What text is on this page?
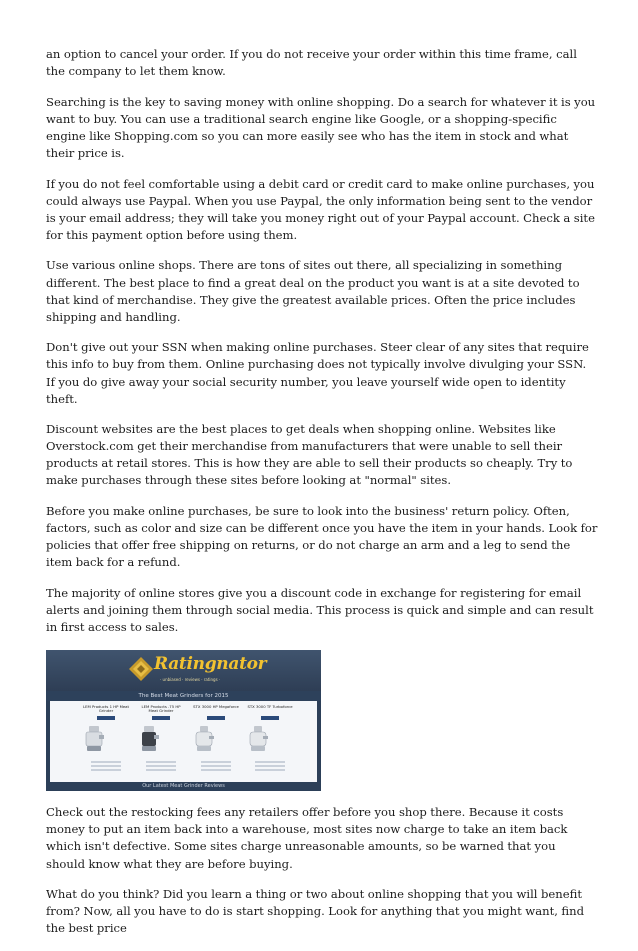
an option to cancel your order. If you do not receive your order within this time frame, call the company to let them know.

Searching is the key to saving money with online shopping. Do a search for whatever it is you want to buy. You can use a traditional search engine like Google, or a shopping-specific engine like Shopping.com so you can more easily see who has the item in stock and what their price is.

If you do not feel comfortable using a debit card or credit card to make online purchases, you could always use Paypal. When you use Paypal, the only information being sent to the vendor is your email address; they will take you money right out of your Paypal account. Check a site for this payment option before using them.

Use various online shops. There are tons of sites out there, all specializing in something different. The best place to find a great deal on the product you want is at a site devoted to that kind of merchandise. They give the greatest available prices. Often the price includes shipping and handling.

Don't give out your SSN when making online purchases. Steer clear of any sites that require this info to buy from them. Online purchasing does not typically involve divulging your SSN. If you do give away your social security number, you leave yourself wide open to identity theft.

Discount websites are the best places to get deals when shopping online. Websites like Overstock.com get their merchandise from manufacturers that were unable to sell their products at retail stores. This is how they are able to sell their products so cheaply. Try to make purchases through these sites before looking at "normal" sites.

Before you make online purchases, be sure to look into the business' return policy. Often, factors, such as color and size can be different once you have the item in your hands. Look for policies that offer free shipping on returns, or do not charge an arm and a leg to send the item back for a refund.

The majority of online stores give you a discount code in exchange for registering for email alerts and joining them through social media. This process is quick and simple and can result in first access to sales.

Ratingnator
· unbiased · reviews · ratings ·
The Best Meat Grinders for 2015
LEM Products 1 HP Meat Grinder
LEM Products .75 HP Meat Grinder
STX 3000 HP Megaforce STX 3000 TF Turboforce
Our Latest Meat Grinder Reviews

Check out the restocking fees any retailers offer before you shop there. Because it costs money to put an item back into a warehouse, most sites now charge to take an item back which isn't defective. Some sites charge unreasonable amounts, so be warned that you should know what they are before buying.

What do you think? Did you learn a thing or two about online shopping that you will benefit from? Now, all you have to do is start shopping. Look for anything that you might want, find the best price
